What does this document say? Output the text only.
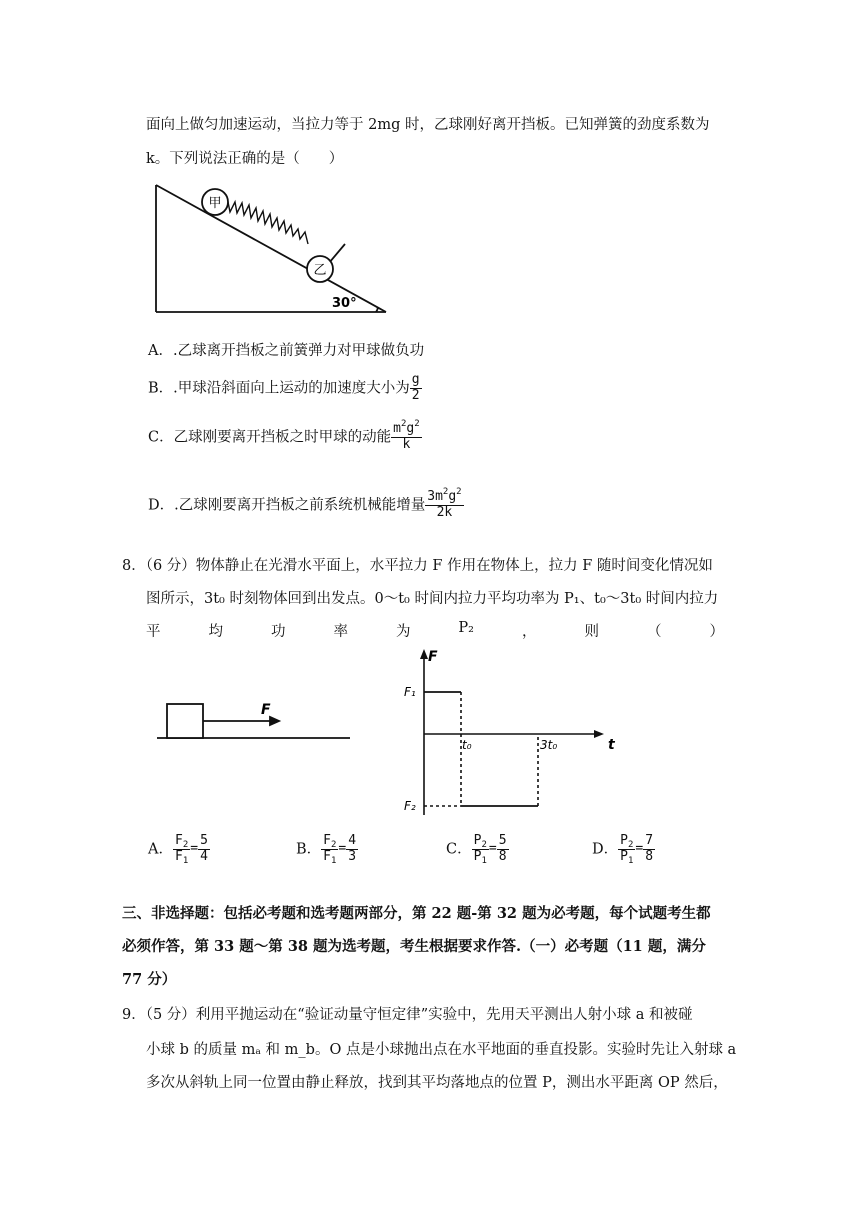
面向上做匀加速运动，当拉力等于 2mg 时，乙球刚好离开挡板。已知弹簧的劲度系数为
k。下列说法正确的是（　　）
甲
乙
30°
A．.乙球离开挡板之前簧弹力对甲球做负功
B．.甲球沿斜面向上运动的加速度大小为 $\frac{g}{2}$
C．乙球刚要离开挡板之时甲球的动能 $\frac{m^2g^2}{k}$
D．.乙球刚要离开挡板之前系统机械能增量 $\frac{3m^2g^2}{2k}$
8．（6 分）物体静止在光滑水平面上，水平拉力 F 作用在物体上，拉力 F 随时间变化情况如
图所示，3t₀ 时刻物体回到出发点。0～t₀ 时间内拉力平均功率为 P₁、t₀～3t₀ 时间内拉力
平	均	功	率	为	P₂	，	则	（	）
F
F
t
F₁
F₂
t₀	3t₀
A． $\frac{F_2}{F_1} = \frac{5}{4}$	B． $\frac{F_2}{F_1} = \frac{4}{3}$	C． $\frac{P_2}{P_1} = \frac{5}{8}$	D． $\frac{P_2}{P_1} = \frac{7}{8}$
三、非选择题：包括必考题和选考题两部分，第 22 题-第 32 题为必考题，每个试题考生都
必须作答，第 33 题～第 38 题为选考题，考生根据要求作答.（一）必考题（11 题，满分
77 分）
9．（5 分）利用平抛运动在“验证动量守恒定律”实验中，先用天平测出人射小球 a 和被碰
小球 b 的质量 mₐ 和 m_b。O 点是小球抛出点在水平地面的垂直投影。实验时先让入射球 a
多次从斜轨上同一位置由静止释放，找到其平均落地点的位置 P，测出水平距离 OP 然后，
